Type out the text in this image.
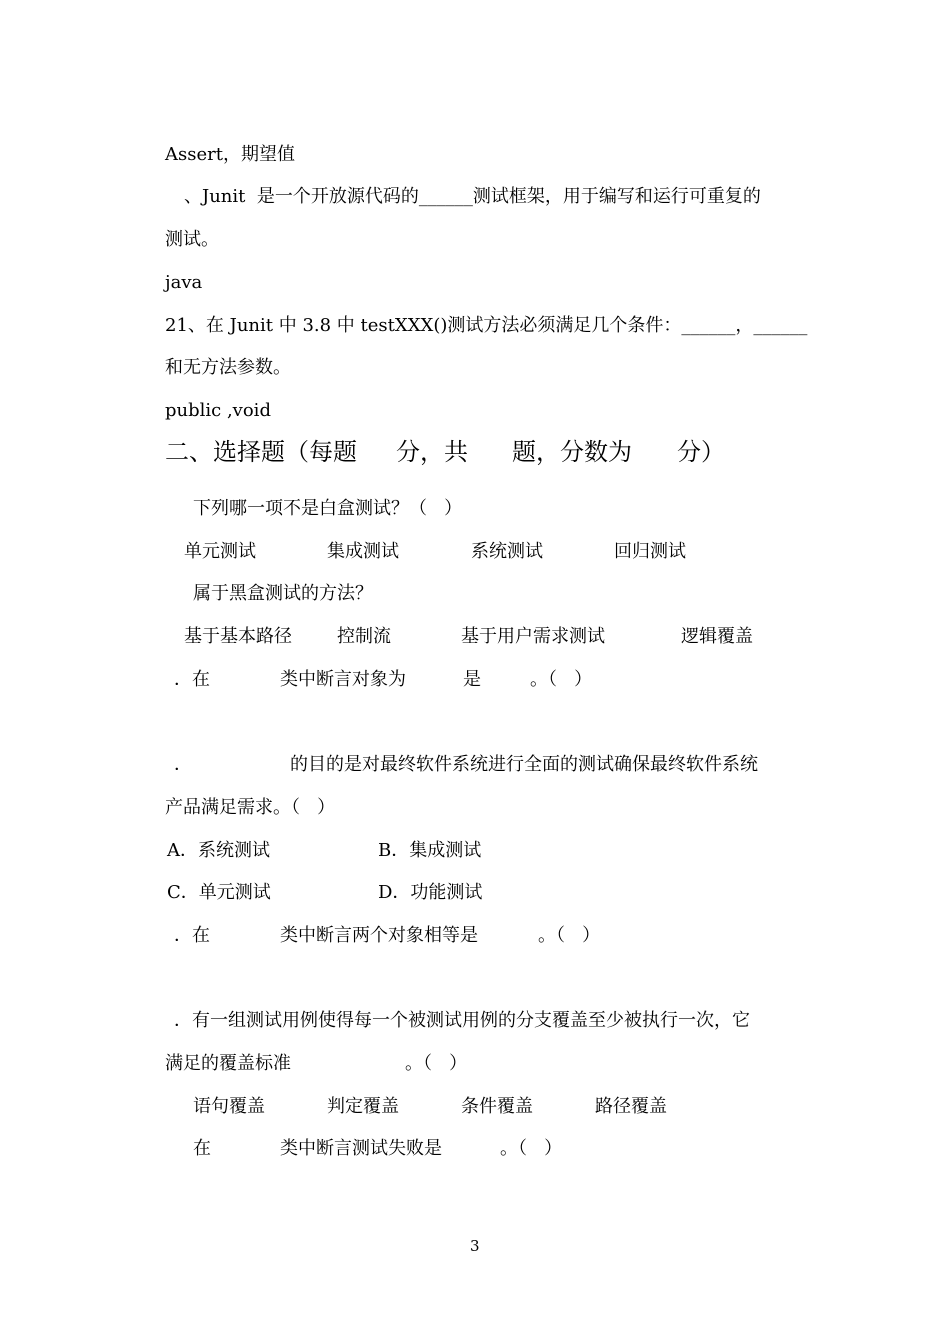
Assert，期望值
、Junit  是一个开放源代码的______测试框架，用于编写和运行可重复的
测试。
java
21、在 Junit 中 3.8 中 testXXX()测试方法必须满足几个条件：______，______
和无方法参数。
public ,void
二、选择题（每题 分，共 题，分数为 分）
下列哪一项不是白盒测试？（   ）
单元测试	集成测试	系统测试	回归测试
属于黑盒测试的方法？
基于基本路径	控制流	基于用户需求测试	逻辑覆盖
．在	类中断言对象为	是	。（   ）
．	的目的是对最终软件系统进行全面的测试确保最终软件系统
产品满足需求。（   ）
A．系统测试	B．集成测试
C．单元测试	D．功能测试
．在	类中断言两个对象相等是	。（   ）
．有一组测试用例使得每一个被测试用例的分支覆盖至少被执行一次，它
满足的覆盖标准	。（   ）
语句覆盖	判定覆盖	条件覆盖	路径覆盖
在	类中断言测试失败是	。（   ）
3
